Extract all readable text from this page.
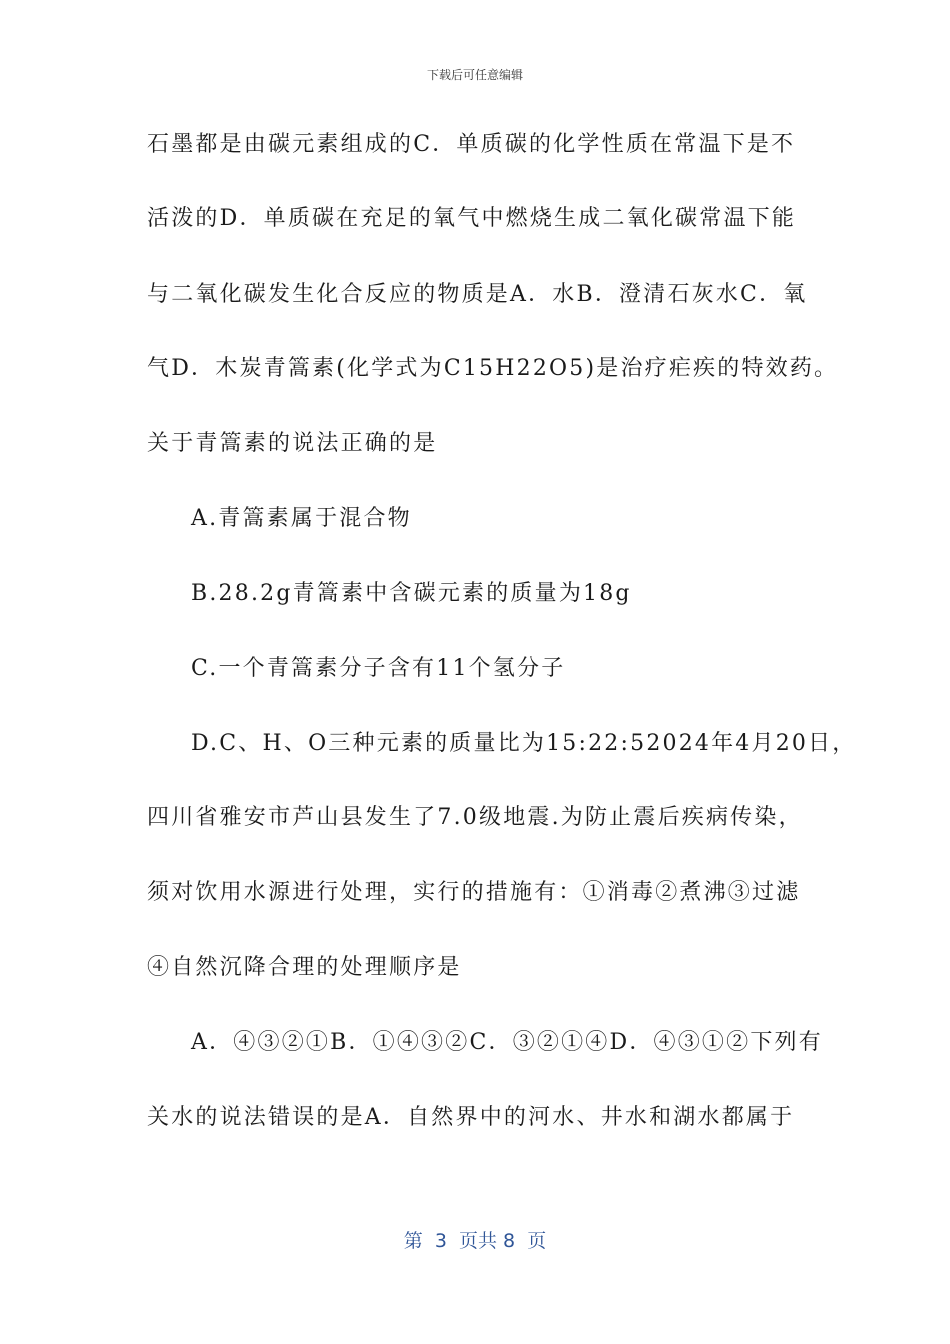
下载后可任意编辑
石墨都是由碳元素组成的C．单质碳的化学性质在常温下是不
活泼的D．单质碳在充足的氧气中燃烧生成二氧化碳常温下能
与二氧化碳发生化合反应的物质是A．水B．澄清石灰水C．氧
气D．木炭青篙素(化学式为C15H22O5)是治疗疟疾的特效药。
关于青篙素的说法正确的是
A.青篙素属于混合物
B.28.2g青篙素中含碳元素的质量为18g
C.一个青篙素分子含有11个氢分子
D.C、H、O三种元素的质量比为15:22:52024年4月20日，
四川省雅安市芦山县发生了7.0级地震.为防止震后疾病传染，
须对饮用水源进行处理，实行的措施有：①消毒②煮沸③过滤
④自然沉降合理的处理顺序是
A．④③②①B．①④③②C．③②①④D．④③①②下列有
关水的说法错误的是A．自然界中的河水、井水和湖水都属于
第  3  页共 8  页
